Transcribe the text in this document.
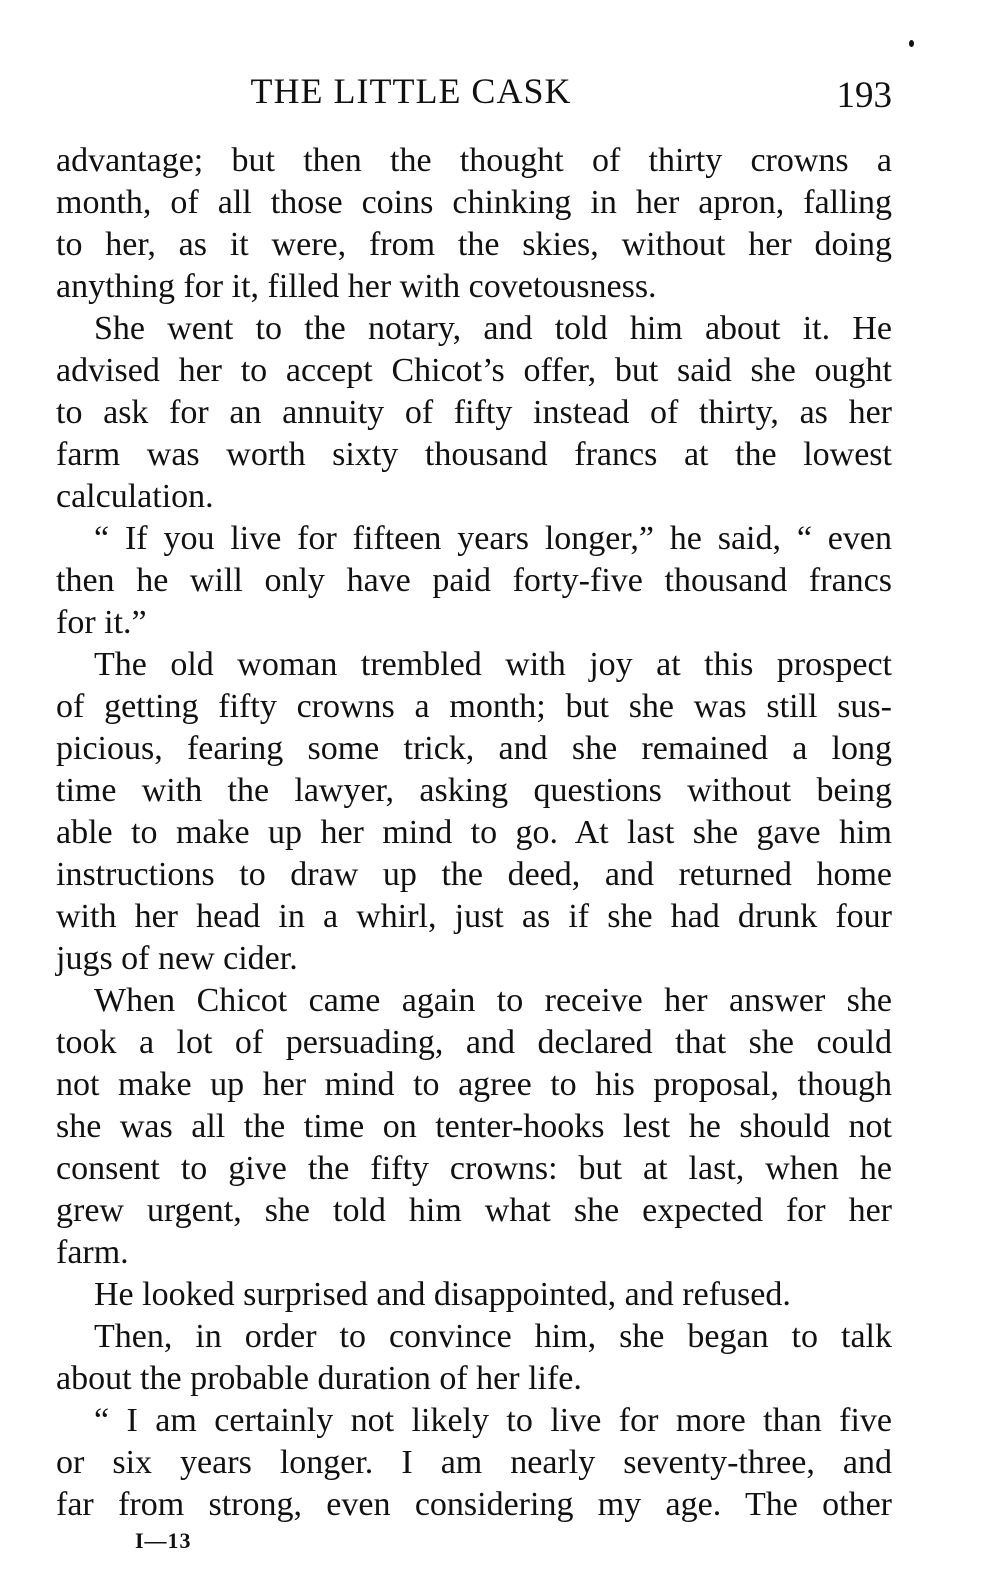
THE LITTLE CASK	193
advantage; but then the thought of thirty crowns a
month, of all those coins chinking in her apron, falling
to her, as it were, from the skies, without her doing
anything for it, filled her with covetousness.
She went to the notary, and told him about it. He
advised her to accept Chicot’s offer, but said she ought
to ask for an annuity of fifty instead of thirty, as her
farm was worth sixty thousand francs at the lowest
calculation.
“ If you live for fifteen years longer,” he said, “ even
then he will only have paid forty-five thousand francs
for it.”
The old woman trembled with joy at this prospect
of getting fifty crowns a month; but she was still sus-
picious, fearing some trick, and she remained a long
time with the lawyer, asking questions without being
able to make up her mind to go. At last she gave him
instructions to draw up the deed, and returned home
with her head in a whirl, just as if she had drunk four
jugs of new cider.
When Chicot came again to receive her answer she
took a lot of persuading, and declared that she could
not make up her mind to agree to his proposal, though
she was all the time on tenter-hooks lest he should not
consent to give the fifty crowns: but at last, when he
grew urgent, she told him what she expected for her
farm.
He looked surprised and disappointed, and refused.
Then, in order to convince him, she began to talk
about the probable duration of her life.
“ I am certainly not likely to live for more than five
or six years longer. I am nearly seventy-three, and
far from strong, even considering my age. The other
I—13
